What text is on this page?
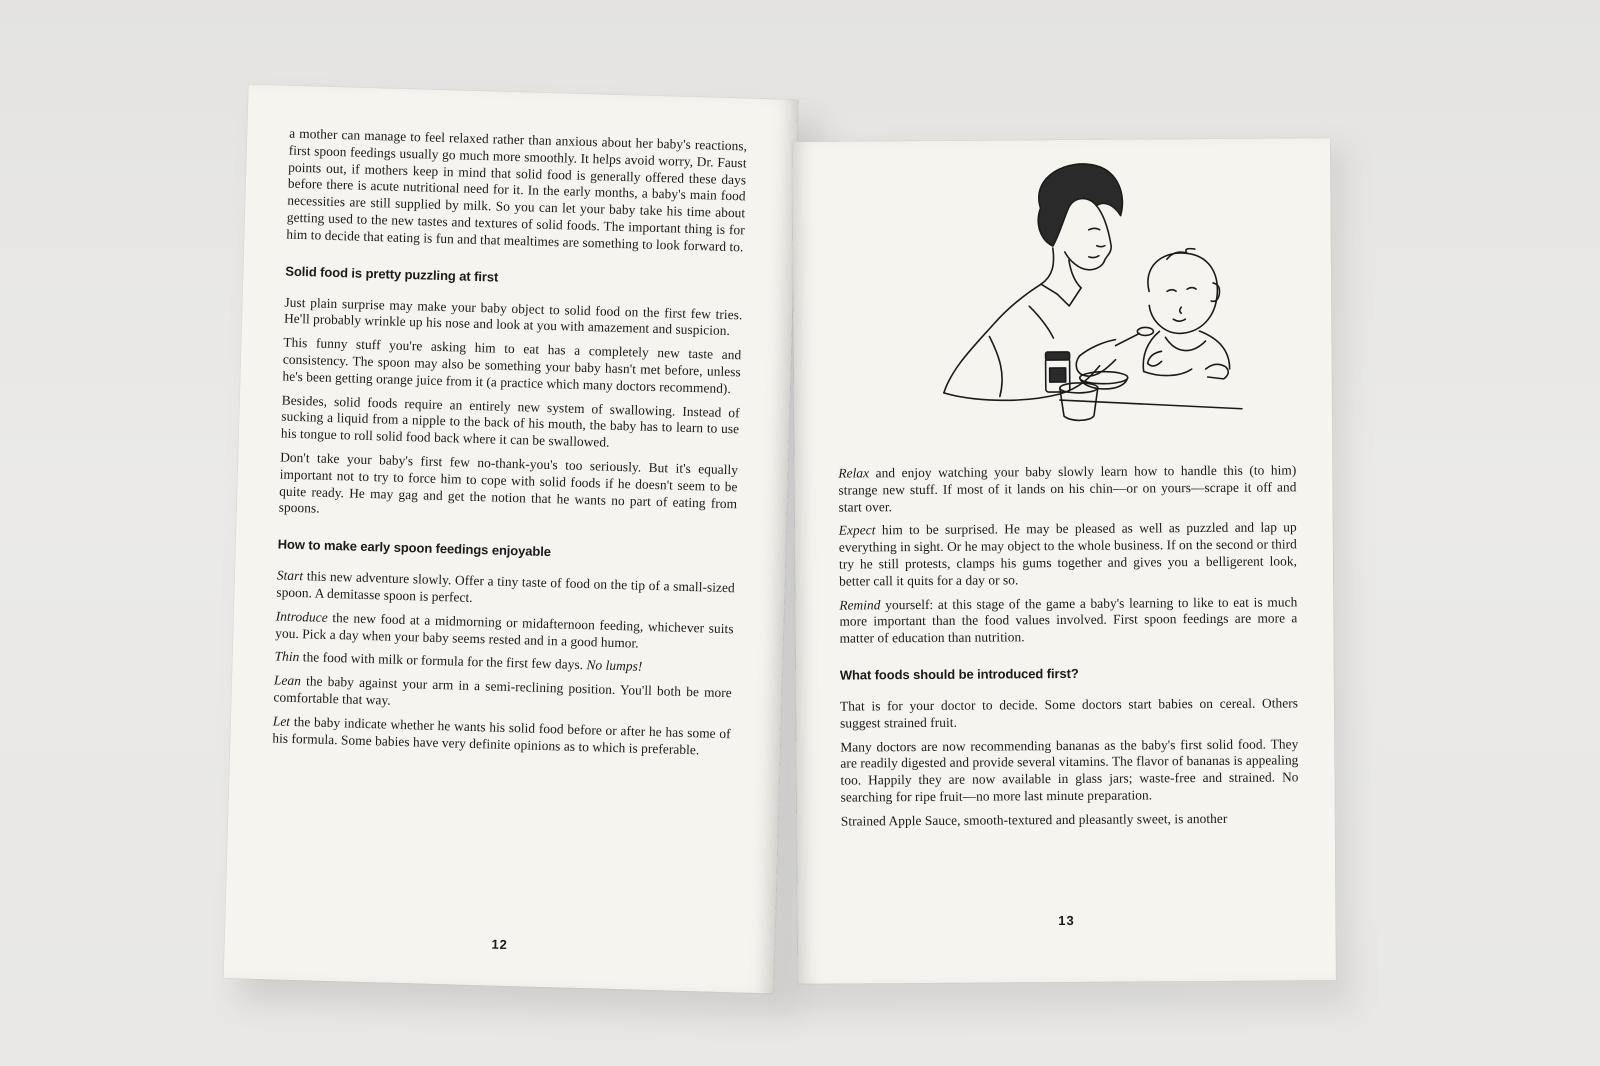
a mother can manage to feel relaxed rather than anxious about her baby's reactions, first spoon feedings usually go much more smoothly. It helps avoid worry, Dr. Faust points out, if mothers keep in mind that solid food is generally offered these days before there is acute nutritional need for it. In the early months, a baby's main food necessities are still supplied by milk. So you can let your baby take his time about getting used to the new tastes and textures of solid foods. The important thing is for him to decide that eating is fun and that mealtimes are something to look forward to.

Solid food is pretty puzzling at first

Just plain surprise may make your baby object to solid food on the first few tries. He'll probably wrinkle up his nose and look at you with amazement and suspicion.

This funny stuff you're asking him to eat has a completely new taste and consistency. The spoon may also be something your baby hasn't met before, unless he's been getting orange juice from it (a practice which many doctors recommend).

Besides, solid foods require an entirely new system of swallowing. Instead of sucking a liquid from a nipple to the back of his mouth, the baby has to learn to use his tongue to roll solid food back where it can be swallowed.

Don't take your baby's first few no-thank-you's too seriously. But it's equally important not to try to force him to cope with solid foods if he doesn't seem to be quite ready. He may gag and get the notion that he wants no part of eating from spoons.

How to make early spoon feedings enjoyable

Start this new adventure slowly. Offer a tiny taste of food on the tip of a small-sized spoon. A demitasse spoon is perfect.

Introduce the new food at a midmorning or midafternoon feeding, whichever suits you. Pick a day when your baby seems rested and in a good humor.

Thin the food with milk or formula for the first few days. No lumps!

Lean the baby against your arm in a semi-reclining position. You'll both be more comfortable that way.

Let the baby indicate whether he wants his solid food before or after he has some of his formula. Some babies have very definite opinions as to which is preferable.

12

Relax and enjoy watching your baby slowly learn how to handle this (to him) strange new stuff. If most of it lands on his chin—or on yours—scrape it off and start over.

Expect him to be surprised. He may be pleased as well as puzzled and lap up everything in sight. Or he may object to the whole business. If on the second or third try he still protests, clamps his gums together and gives you a belligerent look, better call it quits for a day or so.

Remind yourself: at this stage of the game a baby's learning to like to eat is much more important than the food values involved. First spoon feedings are more a matter of education than nutrition.

What foods should be introduced first?

That is for your doctor to decide. Some doctors start babies on cereal. Others suggest strained fruit.

Many doctors are now recommending bananas as the baby's first solid food. They are readily digested and provide several vitamins. The flavor of bananas is appealing too. Happily they are now available in glass jars; waste-free and strained. No searching for ripe fruit—no more last minute preparation.

Strained Apple Sauce, smooth-textured and pleasantly sweet, is another

13
